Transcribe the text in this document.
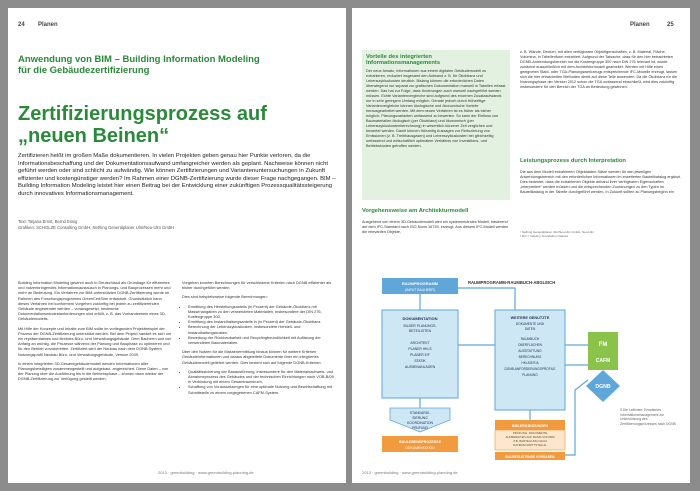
24 Planen
Anwendung von BIM – Building Information Modeling für die Gebäudezertifizierung
Zertifizierungsprozess auf
„neuen Beinen“
Zertifizieren heißt im großen Maße dokumentieren. In vielen Projekten geben genau hier Punkte verloren, da die Informationsbeschaffung und der Dokumentationsaufwand umfangreicher werden als geplant. Nachweise können nicht geführt werden oder sind schlicht zu aufwändig. Wie können Zertifizierungen und Variantenuntersuchungen in Zukunft effizienter und kostengünstiger werden? Im Rahmen einer DGNB-Zertifizierung wurde dieser Frage nachgegangen. BIM – Building Information Modeling leistet hier einen Beitrag bei der Entwicklung einer zukünftigen Prozessqualitätssteigerung durch innovatives Informationsmanagement.
Text: Tatjana Ernst, Bernd Essig
Grafiken: SCHOLZE Consulting GmbH, Nething Generalplaner Ulm/Neu-Ulm GmbH

Building Information Modeling gewinnt auch in Deutschland als Grundlage für effizientes und nutzenbringendes Informationsaustausch in Planungs- und Bauprozessen mehr und mehr an Bedeutung. Ein Verfahren zur BIM-unterstützten DGNB-Zertifizierung wurde im Rahmen des Forschungsprogramms GreenCertSinn entwickelt. Grundsätzlich kann dieses Verfahren bei konformem Vorgehen zukünftig bei jedem zu zertifizierenden Gebäude angewendet werden – vorausgesetzt, bestimmte Dokumentationsmindestanforderungen sind erfüllt, z. B. das Vorhandensein eines 3D-Gebäudemodells.

Mit Hilfe der Konzepte und Inhalte zum BIM sollte im vorliegenden Projektbeispiel der Prozess der DGNB-Zertifizierung unterstützt werden. Bei dem Projekt handelt es sich um ein repräsentatives und flexibles Büro- und Verwaltungsgebäude. Dem Bauherrn war von Anfang an wichtig, die Prozesse während der Planung und Bauphase zu optimieren und für den Betrieb vorzubereiten. Zertifiziert wird der Neubau nach dem DGNB-System Nutzungsprofil Neubau Büro- und Verwaltungsgebäude, Version 2009.

In einem integrierten 3D-Gesamtgebäudemodell werden Informationen aller Planungsbeteiligten zusammengestellt und aufgebaut, angereichert. Diese Daten – von der Planung über die Ausführung bis in die Betriebsphase – können dann wieder der DGNB-Zertifizierung zur Verfügung gestellt werden.

Vorgehen konnten Berechnungen für verschiedene Kriterien nach DGNB effizienter als bisher durchgeführt werden.

Dies sind beispielsweise folgende Berechnungen:

• Ermittlung des Herstellungsanteils (in Prozent) der Gebäude-Ökobilanz mit Massenangaben zu den verwendeten Materialien, insbesondere der DIN 276, Kostengruppe 300.
• Ermittlung des Instandhaltungsanteils in (in Prozent) der Gebäude-Ökobilanz.
• Berechnung der Lebenszykluskosten, insbesondere Herstell- und Instandhaltungskosten.
• Bewertung der Rückbaubarkeit und Recyclingfreundlichkeit mit Auflistung der verwendeten Baumaterialien.

Über den Nutzen für die Massenermittlung hinaus können für weitere Kriterien Gebäudeinformationen und daraus abgeleitete Dokumente über ein integriertes Gebäudemodell geliefert werden. Dies bezieht sich auf folgende DGNB-Kriterien:

• Qualitätssicherung der Bauausführung, insbesondere für den Materialnachweis- und Abnahmeprozess des Gebäudes und der technischen Einrichtungen nach VOB-B/09 in Verbindung mit einem Gesamtraumbuch,
• Schaffung von Voraussetzungen für eine optimale Nutzung und Bewirtschaftung mit Schnittstelle zu einem vorgegebenen CAFM-System.
2013 · greenbuilding · www.greenbuilding-planning.de
Planen	25
Vorteile des integrierten Informationsmanagements
Der neue Ansatz, Informationen aus einem digitalen Gebäudemodell zu extrahieren, reduziert insgesamt den Aufwand z. B. für Ökobilanz und Lebenszykluskosten deutlich. Bislang können die erforderlichen Daten überwiegend nur separat zur grafischen Dokumentation manuell in Tabellen erfasst werden. Das hat zur Folge, dass Änderungen auch manuell nachgeführt werden müssen. Echte Variantenvergleiche sind aufgrund des enormen Zusatzaufwands nur in sehr geringem Umfang möglich. Gerade jedoch durch frühzeitige Variantenvergleiche können ökologische und ökonomische Vorteile herausgearbeitet werden. Mit dem neuen Verfahren ist es früher als bisher möglich, Planungsvarianten umfassend zu bewerten. So kann der Einfluss von Baumaterialien ökologisch (per Ökobilanz) und ökonomisch (per Lebenszykluskostenberechnung) in wesentlich kürzerer Zeit verglichen und bewertet werden. Damit können frühzeitig Aussagen zur Reduzierung von Emissionen (z. B. Treibhausgasen) und Lebenszykluskosten bei gleichzeitig umfassend und wirtschaftlich optimalem Verhältnis von Investitions- und Betriebskosten getroffen werden.
Vorgehensweise am Architekturmodell
Ausgehend von einem 3D-Gebäudemodell wird ein systemneutrales Modell, basierend auf dem IFC-Standard nach ISO-Norm 16739, erzeugt. Aus diesem IFC-Modell werden die relevanten Objekte,
z. B. Wände, Decken, mit allen verfügbaren Objektigenschaften, z. B. Material, Fläche, Volumina, in Tabellenform extrahiert. Aufgrund der Tatsache, dass für den hier betrachteten DGNB-Anwendungsbereich nur die Kostengruppe 300 nach DIN 276 relevant ist, wurde zunächst ausschließlich mit dem Architekturmodell gearbeitet. Werden mit Hilfe eines geeigneten Stabi- oder TGA-Planungswerkzeugs entsprechende IFC-Modelle erzeugt, lassen sich die hier entwickelten Methoden direkt auf diese Teile anwenden. Da die Ökobilanz für die Nutzungsphase der Version 2012 schon die TGA umfassend einschließt, wird dies zukünftig insbesondere für den Bereich der TGA an Bedeutung gewinnen.
Leistungsprozess durch Interpretation
Die aus dem Modell extrahierten Objektdaten-Sätze werden für den jeweiligen Anwendungsbereich mit den erforderlichen Informationen im erweiterten Bauteilkatalog ergänzt. Dies bedeutet, dass die extrahierten Objekte anhand ihrer verfügbaren Eigenschaften „interpretiert“ werden müssen und die entsprechenden Zuordnungen zu den Typen im Bauteilkatalog in der Tabelle durchgeführt werden. In Zukunft sollten zu Planungsbeginn ein
¹ Nething Generalplaner Ulm/Neu-Ulm GmbH, Neu-Ulm
² IFC = Industry Foundation Classes
RAUMPROGRAMM-RAUMBUCH-ABGLEICH
RAUMPROGRAMM
(INPUT BAUHERR)
DOKUMENTATION
BILDER PLANUNGS-
BETEILIGTEN
ARCHITEKT
PLANER HKLS
PLANER E/F
STATIK
AUSSENANLAGEN
STANDARDI-
SIERUNG
KOORDINATION
PRÜFUNG
BAULEBENSPROZESSE
DOKUMENTATION
WEITERE GENUTZTE
DOKUMENTE UND
DATEN
RAUMBUCH
OBERFLÄCHEN
AUSSTATTUNG
BERECHNUNG
HKLS/E/F/A
DGNB-ANFORDERUNGSPROFILE
PLANUNG
BIM-ERGÄNZUNGEN
PRÜFUNG, DOKUMENTE
AUFBEREITEN AUF BASIS VON BIM
Z.B. BARTEILUNG NACH
DATENSCHNITTSTELLE,
BAUBEGLEITENDE VORGABEN
FM
CAFM
DGNB
5 Die Leitlinien: Erweitertes Informationsmanagement zur Unterstützung des Zertifizierungsprozesses nach DGNB
2013 · greenbuilding · www.greenbuilding-planning.de
